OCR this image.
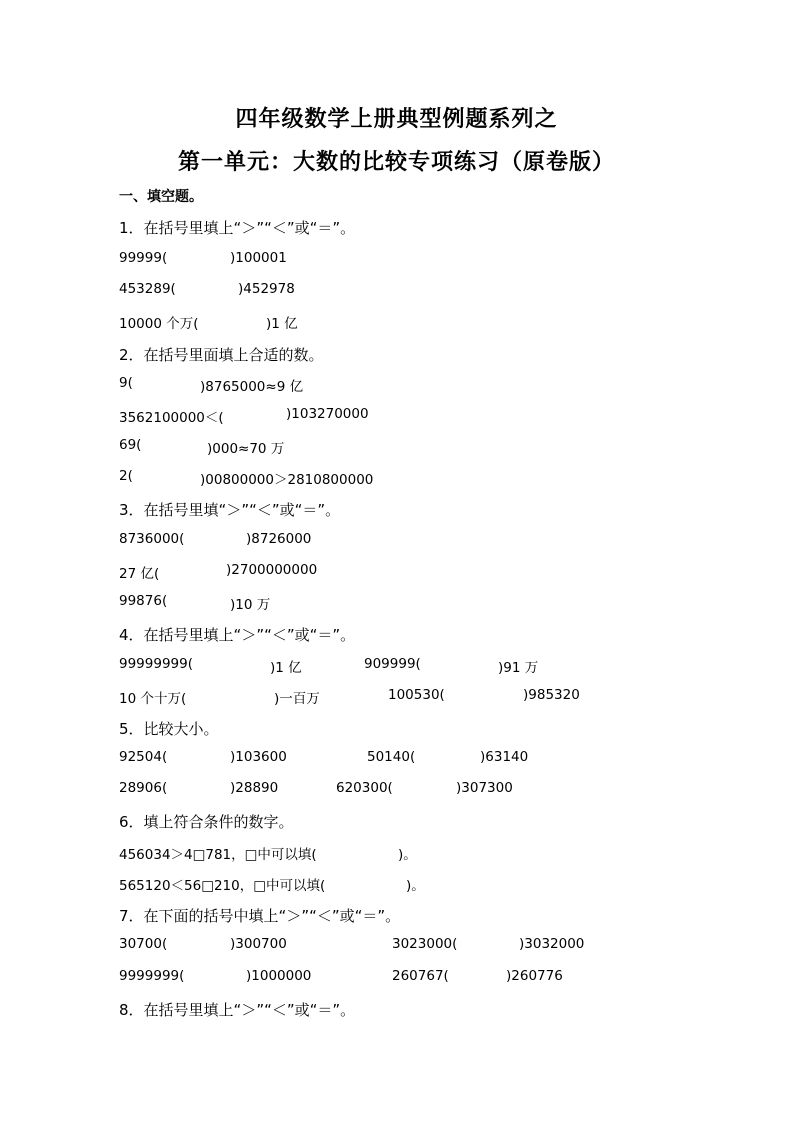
四年级数学上册典型例题系列之
第一单元：大数的比较专项练习（原卷版）
一、填空题。
1．在括号里填上“＞”“＜”或“＝”。
99999(	)100001
453289(	)452978
10000 个万(	)1 亿
2．在括号里面填上合适的数。
9(	)8765000≈9 亿
3562100000＜(	)103270000
69(	)000≈70 万
2(	)00800000＞2810800000
3．在括号里填“＞”“＜”或“＝”。
8736000(	)8726000
27 亿(	)2700000000
99876(	)10 万
4．在括号里填上“＞”“＜”或“＝”。
99999999(	)1 亿	909999(	)91 万
10 个十万(	)一百万	100530(	)985320
5．比较大小。
92504(	)103600	50140(	)63140
28906(	)28890	620300(	)307300
6．填上符合条件的数字。
456034＞4□781，□中可以填(	)。
565120＜56□210，□中可以填(	)。
7．在下面的括号中填上“＞”“＜”或“＝”。
30700(	)300700	3023000(	)3032000
9999999(	)1000000	260767(	)260776
8．在括号里填上“＞”“＜”或“＝”。
